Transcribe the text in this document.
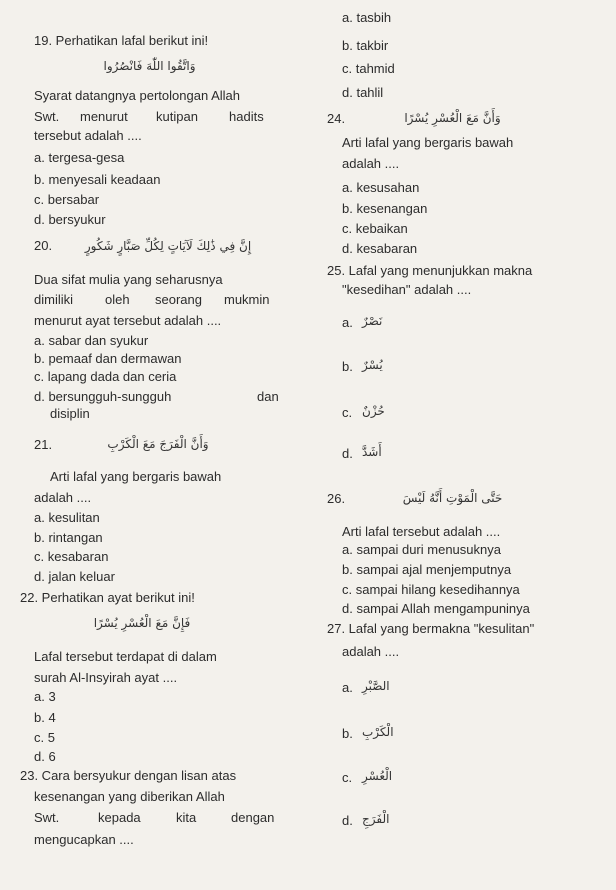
19. Perhatikan lafal berikut ini!
وَاتَّقُوا اللّٰهَ فَانْصُرُوا
Syarat datangnya pertolongan Allah
Swt. menurut kutipan hadits
tersebut adalah ....
a. tergesa-gesa
b. menyesali keadaan
c. bersabar
d. bersyukur
20.	إِنَّ فِي ذَٰلِكَ لَآيَاتٍ لِكُلِّ صَبَّارٍ شَكُورٍ
Dua sifat mulia yang seharusnya
dimiliki oleh seorang mukmin
menurut ayat tersebut adalah ....
a. sabar dan syukur
b. pemaaf dan dermawan
c. lapang dada dan ceria
d. bersungguh-sungguh	dan
disiplin
21.	وَأَنَّ الْفَرَجَ مَعَ الْكَرْبِ
Arti lafal yang bergaris bawah
adalah ....
a. kesulitan
b. rintangan
c. kesabaran
d. jalan keluar
22. Perhatikan ayat berikut ini!
فَإِنَّ مَعَ الْعُسْرِ يُسْرًا
Lafal tersebut terdapat di dalam
surah Al-Insyirah ayat ....
a. 3
b. 4
c. 5
d. 6
23. Cara bersyukur dengan lisan atas
kesenangan yang diberikan Allah
Swt.	kepada	kita	dengan
mengucapkan ....
a. tasbih
b. takbir
c. tahmid
d. tahlil
24.	وَأَنَّ مَعَ الْعُسْرِ يُسْرًا
Arti lafal yang bergaris bawah
adalah ....
a. kesusahan
b. kesenangan
c. kebaikan
d. kesabaran
25. Lafal yang menunjukkan makna
"kesedihan" adalah ....
a. نَصْرٌ
b. يُسْرٌ
c. حُزْنٌ
d. أَشَدَّ
26.	حَتَّى الْمَوْتِ أَنَّهُ لَيْسَ
Arti lafal tersebut adalah ....
a. sampai duri menusuknya
b. sampai ajal menjemputnya
c. sampai hilang kesedihannya
d. sampai Allah mengampuninya
27. Lafal yang bermakna "kesulitan"
adalah ....
a. الصَّبْرِ
b. الْكَرْبِ
c. الْعُسْرِ
d. الْفَرَجِ
